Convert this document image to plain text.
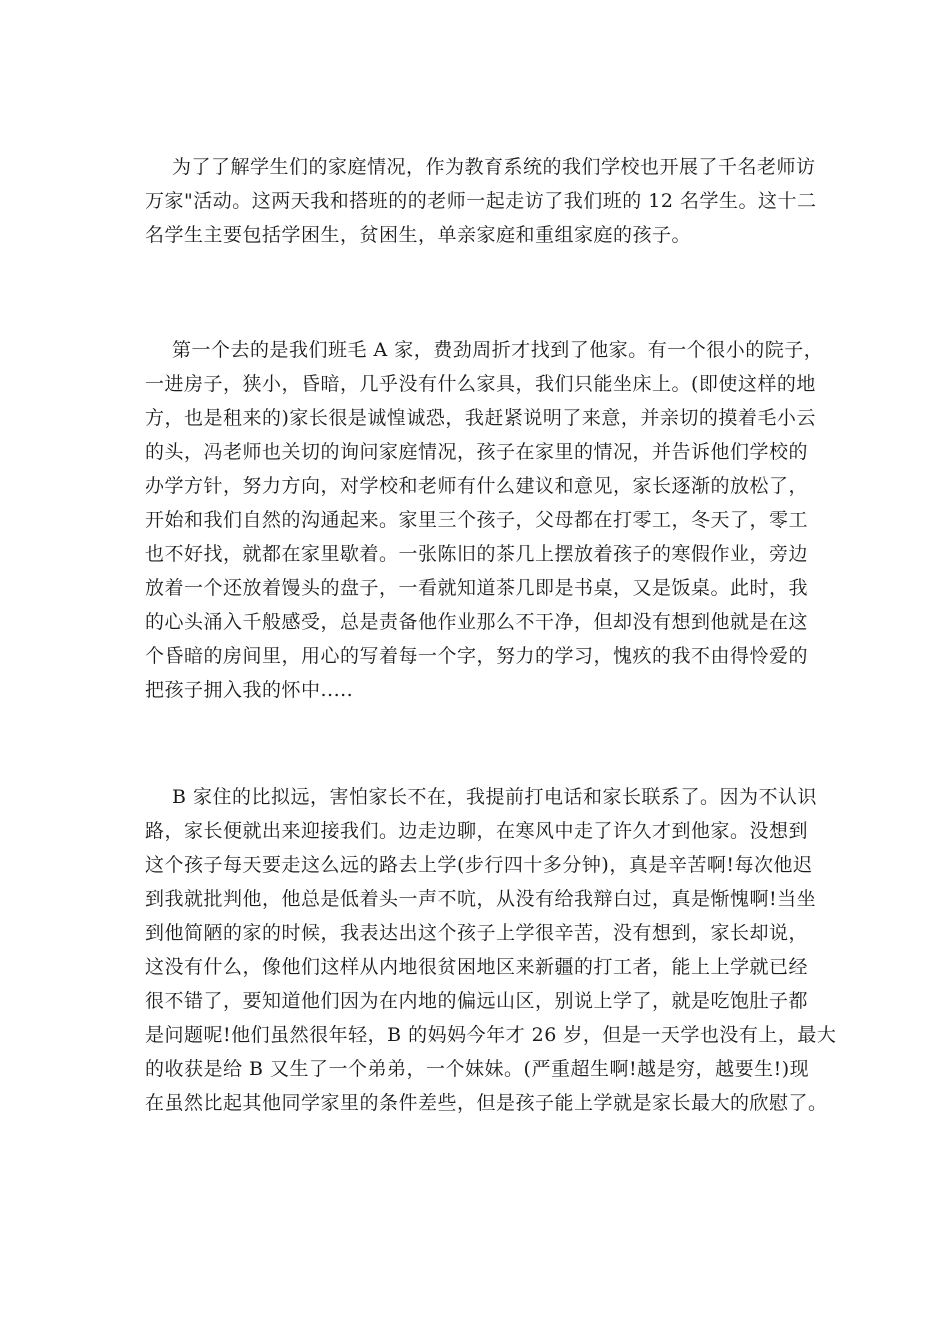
为了了解学生们的家庭情况，作为教育系统的我们学校也开展了千名老师访
万家"活动。这两天我和搭班的的老师一起走访了我们班的 12 名学生。这十二
名学生主要包括学困生，贫困生，单亲家庭和重组家庭的孩子。
第一个去的是我们班毛 A 家，费劲周折才找到了他家。有一个很小的院子，
一进房子，狭小，昏暗，几乎没有什么家具，我们只能坐床上。(即使这样的地
方，也是租来的)家长很是诚惶诚恐，我赶紧说明了来意，并亲切的摸着毛小云
的头，冯老师也关切的询问家庭情况，孩子在家里的情况，并告诉他们学校的
办学方针，努力方向，对学校和老师有什么建议和意见，家长逐渐的放松了，
开始和我们自然的沟通起来。家里三个孩子，父母都在打零工，冬天了，零工
也不好找，就都在家里歇着。一张陈旧的茶几上摆放着孩子的寒假作业，旁边
放着一个还放着馒头的盘子，一看就知道茶几即是书桌，又是饭桌。此时，我
的心头涌入千般感受，总是责备他作业那么不干净，但却没有想到他就是在这
个昏暗的房间里，用心的写着每一个字，努力的学习，愧疚的我不由得怜爱的
把孩子拥入我的怀中.....
B 家住的比拟远，害怕家长不在，我提前打电话和家长联系了。因为不认识
路，家长便就出来迎接我们。边走边聊，在寒风中走了许久才到他家。没想到
这个孩子每天要走这么远的路去上学(步行四十多分钟)，真是辛苦啊!每次他迟
到我就批判他，他总是低着头一声不吭，从没有给我辩白过，真是惭愧啊!当坐
到他简陋的家的时候，我表达出这个孩子上学很辛苦，没有想到，家长却说，
这没有什么，像他们这样从内地很贫困地区来新疆的打工者，能上上学就已经
很不错了，要知道他们因为在内地的偏远山区，别说上学了，就是吃饱肚子都
是问题呢!他们虽然很年轻，B 的妈妈今年才 26 岁，但是一天学也没有上，最大
的收获是给 B 又生了一个弟弟，一个妹妹。(严重超生啊!越是穷，越要生!)现
在虽然比起其他同学家里的条件差些，但是孩子能上学就是家长最大的欣慰了。
